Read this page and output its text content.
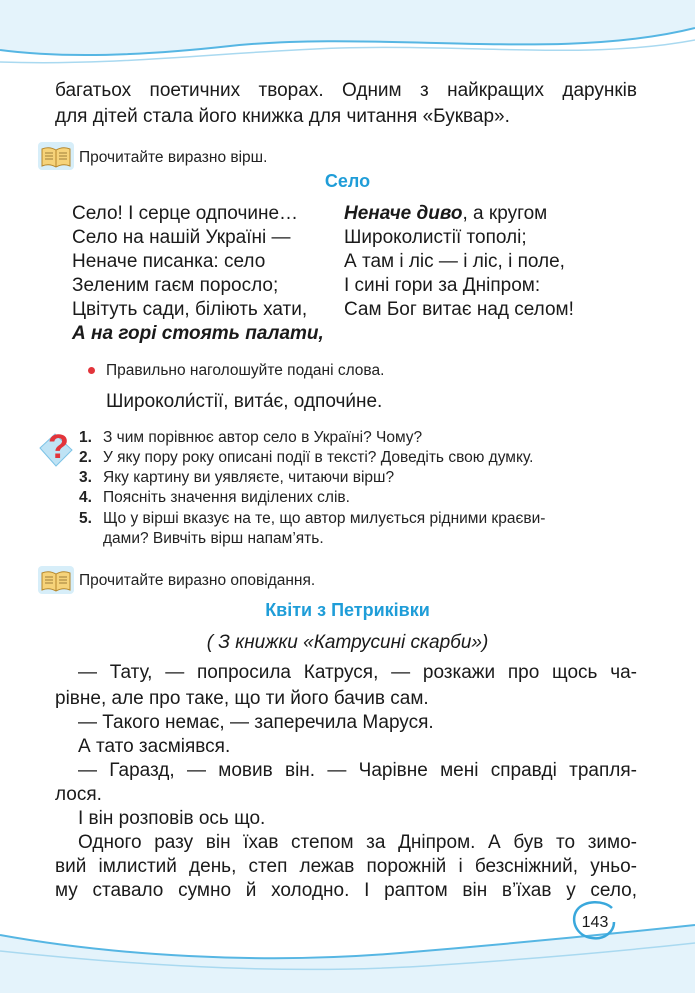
багатьох поетичних творах. Одним з найкращих дарунків
для дітей стала його книжка для читання «Буквар».
Прочитайте виразно вірш.
Село
Село! І серце одпочине…
Село на нашій Україні —
Неначе писанка: село
Зеленим гаєм поросло;
Цвітуть сади, біліють хати,
А на горі стоять палати,
Неначе диво, а кругом
Широколистії тополі;
А там і ліс — і ліс, і поле,
І сині гори за Дніпром:
Сам Бог витає над селом!
Правильно наголошуйте подані слова.
Широколи́стії, вита́є, одпочи́не.
? 1. З чим порівнює автор село в Україні? Чому?
2. У яку пору року описані події в тексті? Доведіть свою думку.
3. Яку картину ви уявляєте, читаючи вірш?
4. Поясніть значення виділених слів.
5. Що у вірші вказує на те, що автор милується рідними краєви-
дами? Вивчіть вірш напам’ять.
Прочитайте виразно оповідання.
Квіти з Петриківки
( З книжки «Катрусині скарби»)
— Тату, — попросила Катруся, — розкажи про щось ча-
рівне, але про таке, що ти його бачив сам.
— Такого немає, — заперечила Маруся.
А тато засміявся.
— Гаразд, — мовив він. — Чарівне мені справді трапля-
лося.
І він розповів ось що.
Одного разу він їхав степом за Дніпром. А був то зимо-
вий імлистий день, степ лежав порожній і безсніжний, уньо-
му ставало сумно й холодно. І раптом він в’їхав у село,
143
